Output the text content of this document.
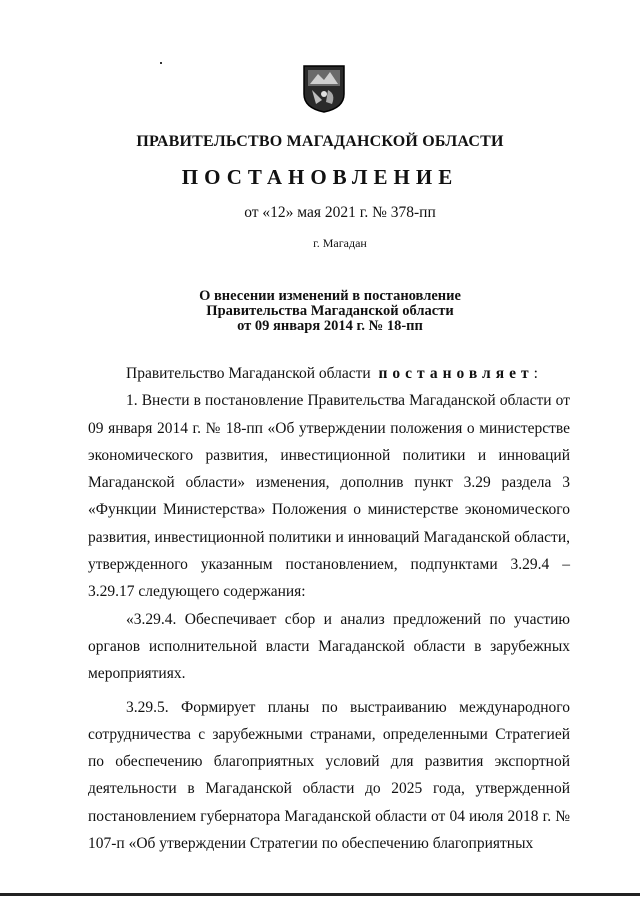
ПРАВИТЕЛЬСТВО МАГАДАНСКОЙ ОБЛАСТИ
ПОСТАНОВЛЕНИЕ
от «12» мая 2021 г. № 378-пп
г. Магадан
О внесении изменений в постановление
Правительства Магаданской области
от 09 января 2014 г. № 18-пп

Правительство Магаданской области постановляет:

1. Внести в постановление Правительства Магаданской области от 09 января 2014 г. № 18-пп «Об утверждении положения о министерстве экономического развития, инвестиционной политики и инноваций Магаданской области» изменения, дополнив пункт 3.29 раздела 3 «Функции Министерства» Положения о министерстве экономического развития, инвестиционной политики и инноваций Магаданской области, утвержденного указанным постановлением, подпунктами 3.29.4 – 3.29.17 следующего содержания:

«3.29.4. Обеспечивает сбор и анализ предложений по участию органов исполнительной власти Магаданской области в зарубежных мероприятиях.

3.29.5. Формирует планы по выстраиванию международного сотрудничества с зарубежными странами, определенными Стратегией по обеспечению благоприятных условий для развития экспортной деятельности в Магаданской области до 2025 года, утвержденной постановлением губернатора Магаданской области от 04 июля 2018 г. № 107-п «Об утверждении Стратегии по обеспечению благоприятных
